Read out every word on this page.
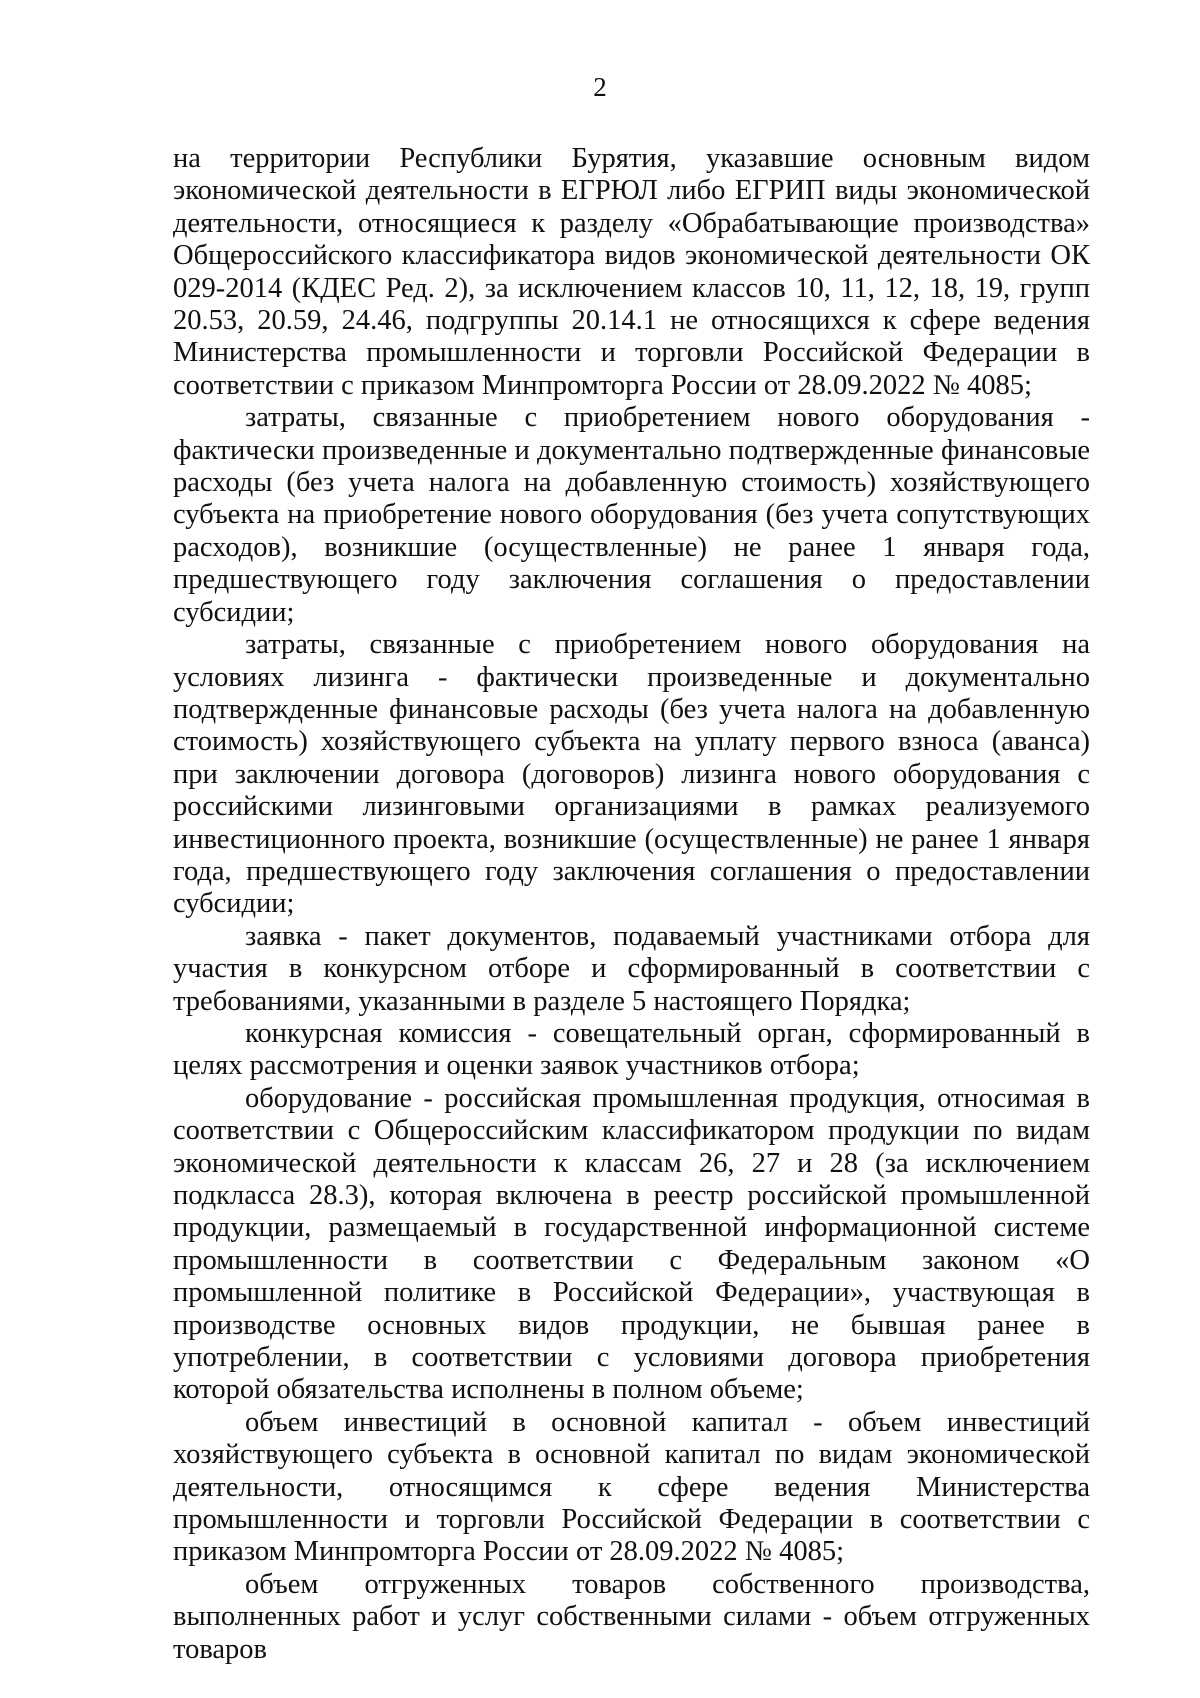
2

на территории Республики Бурятия, указавшие основным видом экономической деятельности в ЕГРЮЛ либо ЕГРИП виды экономической деятельности, относящиеся к разделу «Обрабатывающие производства» Общероссийского классификатора видов экономической деятельности ОК 029-2014 (КДЕС Ред. 2), за исключением классов 10, 11, 12, 18, 19, групп 20.53, 20.59, 24.46, подгруппы 20.14.1 не относящихся к сфере ведения Министерства промышленности и торговли Российской Федерации в соответствии с приказом Минпромторга России от 28.09.2022 № 4085;

затраты, связанные с приобретением нового оборудования - фактически произведенные и документально подтвержденные финансовые расходы (без учета налога на добавленную стоимость) хозяйствующего субъекта на приобретение нового оборудования (без учета сопутствующих расходов), возникшие (осуществленные) не ранее 1 января года, предшествующего году заключения соглашения о предоставлении субсидии;

затраты, связанные с приобретением нового оборудования на условиях лизинга - фактически произведенные и документально подтвержденные финансовые расходы (без учета налога на добавленную стоимость) хозяйствующего субъекта на уплату первого взноса (аванса) при заключении договора (договоров) лизинга нового оборудования с российскими лизинговыми организациями в рамках реализуемого инвестиционного проекта, возникшие (осуществленные) не ранее 1 января года, предшествующего году заключения соглашения о предоставлении субсидии;

заявка - пакет документов, подаваемый участниками отбора для участия в конкурсном отборе и сформированный в соответствии с требованиями, указанными в разделе 5 настоящего Порядка;

конкурсная комиссия - совещательный орган, сформированный в целях рассмотрения и оценки заявок участников отбора;

оборудование - российская промышленная продукция, относимая в соответствии с Общероссийским классификатором продукции по видам экономической деятельности к классам 26, 27 и 28 (за исключением подкласса 28.3), которая включена в реестр российской промышленной продукции, размещаемый в государственной информационной системе промышленности в соответствии с Федеральным законом «О промышленной политике в Российской Федерации», участвующая в производстве основных видов продукции, не бывшая ранее в употреблении, в соответствии с условиями договора приобретения которой обязательства исполнены в полном объеме;

объем инвестиций в основной капитал - объем инвестиций хозяйствующего субъекта в основной капитал по видам экономической деятельности, относящимся к сфере ведения Министерства промышленности и торговли Российской Федерации в соответствии с приказом Минпромторга России от 28.09.2022 № 4085;

объем отгруженных товаров собственного производства, выполненных работ и услуг собственными силами - объем отгруженных товаров
